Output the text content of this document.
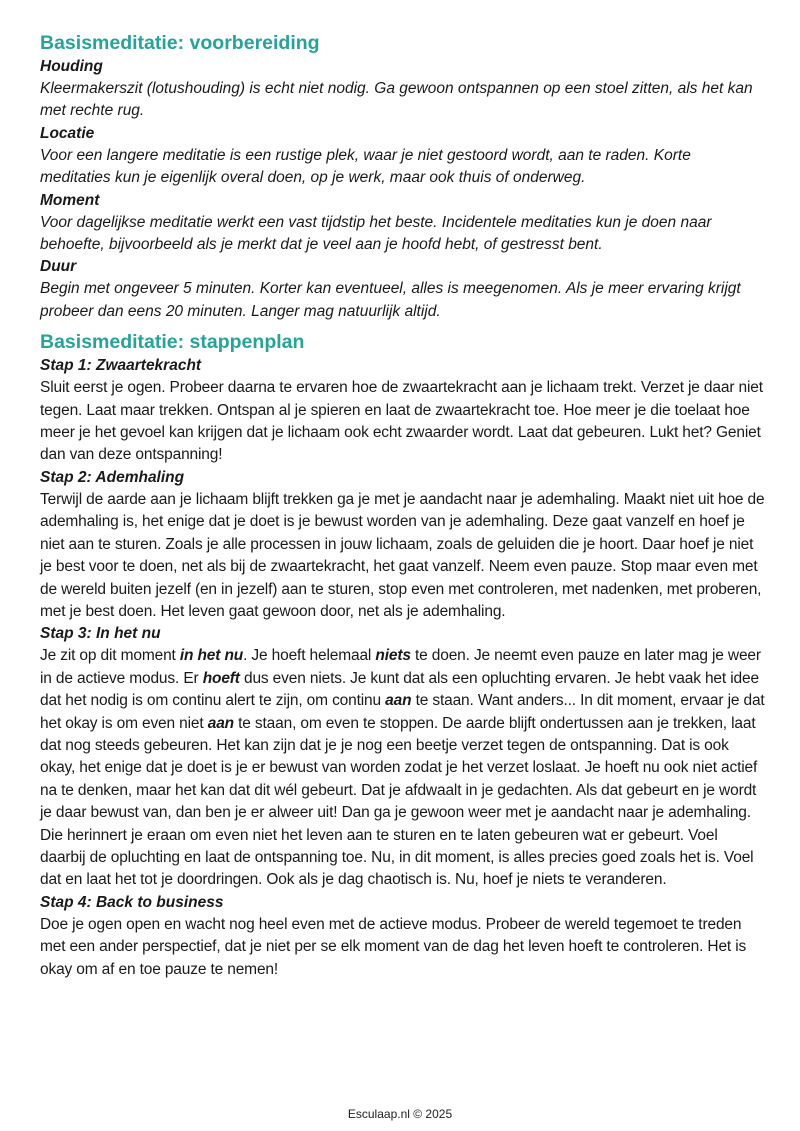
Basismeditatie: voorbereiding
Houding

Kleermakerszit (lotushouding) is echt niet nodig. Ga gewoon ontspannen op een stoel zitten, als het kan met rechte rug.

Locatie

Voor een langere meditatie is een rustige plek, waar je niet gestoord wordt, aan te raden. Korte meditaties kun je eigenlijk overal doen, op je werk, maar ook thuis of onderweg.

Moment

Voor dagelijkse meditatie werkt een vast tijdstip het beste. Incidentele meditaties kun je doen naar behoefte, bijvoorbeeld als je merkt dat je veel aan je hoofd hebt, of gestresst bent.

Duur

Begin met ongeveer 5 minuten. Korter kan eventueel, alles is meegenomen. Als je meer ervaring krijgt probeer dan eens 20 minuten. Langer mag natuurlijk altijd.

Basismeditatie: stappenplan
Stap 1: Zwaartekracht

Sluit eerst je ogen. Probeer daarna te ervaren hoe de zwaartekracht aan je lichaam trekt. Verzet je daar niet tegen. Laat maar trekken. Ontspan al je spieren en laat de zwaartekracht toe. Hoe meer je die toelaat hoe meer je het gevoel kan krijgen dat je lichaam ook echt zwaarder wordt. Laat dat gebeuren. Lukt het? Geniet dan van deze ontspanning!

Stap 2: Ademhaling

Terwijl de aarde aan je lichaam blijft trekken ga je met je aandacht naar je ademhaling. Maakt niet uit hoe de ademhaling is, het enige dat je doet is je bewust worden van je ademhaling. Deze gaat vanzelf en hoef je niet aan te sturen. Zoals je alle processen in jouw lichaam, zoals de geluiden die je hoort. Daar hoef je niet je best voor te doen, net als bij de zwaartekracht, het gaat vanzelf. Neem even pauze. Stop maar even met de wereld buiten jezelf (en in jezelf) aan te sturen, stop even met controleren, met nadenken, met proberen, met je best doen. Het leven gaat gewoon door, net als je ademhaling.

Stap 3: In het nu

Je zit op dit moment in het nu. Je hoeft helemaal niets te doen. Je neemt even pauze en later mag je weer in de actieve modus. Er hoeft dus even niets. Je kunt dat als een opluchting ervaren. Je hebt vaak het idee dat het nodig is om continu alert te zijn, om continu aan te staan. Want anders... In dit moment, ervaar je dat het okay is om even niet aan te staan, om even te stoppen. De aarde blijft ondertussen aan je trekken, laat dat nog steeds gebeuren. Het kan zijn dat je je nog een beetje verzet tegen de ontspanning. Dat is ook okay, het enige dat je doet is je er bewust van worden zodat je het verzet loslaat. Je hoeft nu ook niet actief na te denken, maar het kan dat dit wél gebeurt. Dat je afdwaalt in je gedachten. Als dat gebeurt en je wordt je daar bewust van, dan ben je er alweer uit! Dan ga je gewoon weer met je aandacht naar je ademhaling. Die herinnert je eraan om even niet het leven aan te sturen en te laten gebeuren wat er gebeurt. Voel daarbij de opluchting en laat de ontspanning toe. Nu, in dit moment, is alles precies goed zoals het is. Voel dat en laat het tot je doordringen. Ook als je dag chaotisch is. Nu, hoef je niets te veranderen.

Stap 4: Back to business

Doe je ogen open en wacht nog heel even met de actieve modus. Probeer de wereld tegemoet te treden met een ander perspectief, dat je niet per se elk moment van de dag het leven hoeft te controleren. Het is okay om af en toe pauze te nemen!

Esculaap.nl © 2025
